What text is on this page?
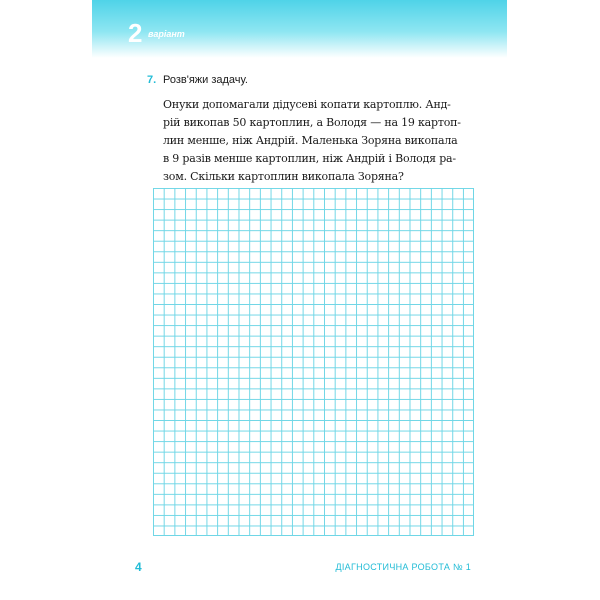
2 варіант
7. Розв'яжи задачу.
Онуки допомагали дідусеві копати картоплю. Анд-
рій викопав 50 картоплин, а Володя — на 19 картоп-
лин менше, ніж Андрій. Маленька Зоряна викопала
в 9 разів менше картоплин, ніж Андрій і Володя ра-
зом. Скільки картоплин викопала Зоряна?
4	ДІАГНОСТИЧНА РОБОТА № 1
